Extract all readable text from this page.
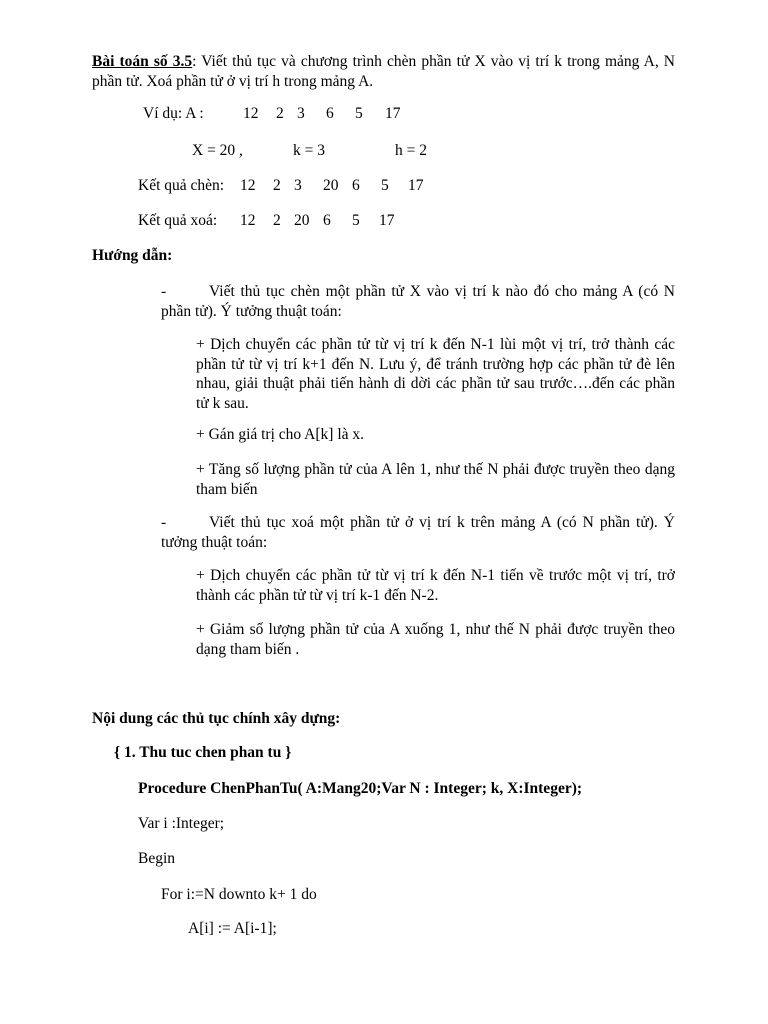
Bài toán số 3.5: Viết thủ tục và chương trình chèn phần tử X vào vị trí k trong mảng A, N phần tử. Xoá phần tử ở vị trí h trong mảng A.
Ví dụ: A :	12 2 3 6 5 17
X = 20 ,	k = 3	h = 2
Kết quả chèn: 12 2 3 20 6 5 17
Kết quả xoá: 12 2 20 6 5 17
Hướng dẫn:
-	Viết thủ tục chèn một phần tử X vào vị trí k nào đó cho mảng A (có N phần tử). Ý tưởng thuật toán:
+ Dịch chuyển các phần tử từ vị trí k đến N-1 lùi một vị trí, trở thành các phần tử từ vị trí k+1 đến N. Lưu ý, để tránh trường hợp các phần tử đè lên nhau, giải thuật phải tiến hành di dời các phần tử sau trước….đến các phần tử k sau.
+ Gán giá trị cho A[k] là x.
+ Tăng số lượng phần tử của A lên 1, như thế N phải được truyền theo dạng tham biến
-	Viết thủ tục xoá một phần tử ở vị trí k trên mảng A (có N phần tử). Ý tưởng thuật toán:
+ Dịch chuyển các phần tử từ vị trí k đến N-1 tiến về trước một vị trí, trở thành các phần tử từ vị trí k-1 đến N-2.
+ Giảm số lượng phần tử của A xuống 1, như thế N phải được truyền theo dạng tham biến .
Nội dung các thủ tục chính xây dựng:
{ 1. Thu tuc chen phan tu }
Procedure ChenPhanTu( A:Mang20;Var N : Integer; k, X:Integer);
Var i :Integer;
Begin
For i:=N downto k+ 1 do
A[i] := A[i-1];
